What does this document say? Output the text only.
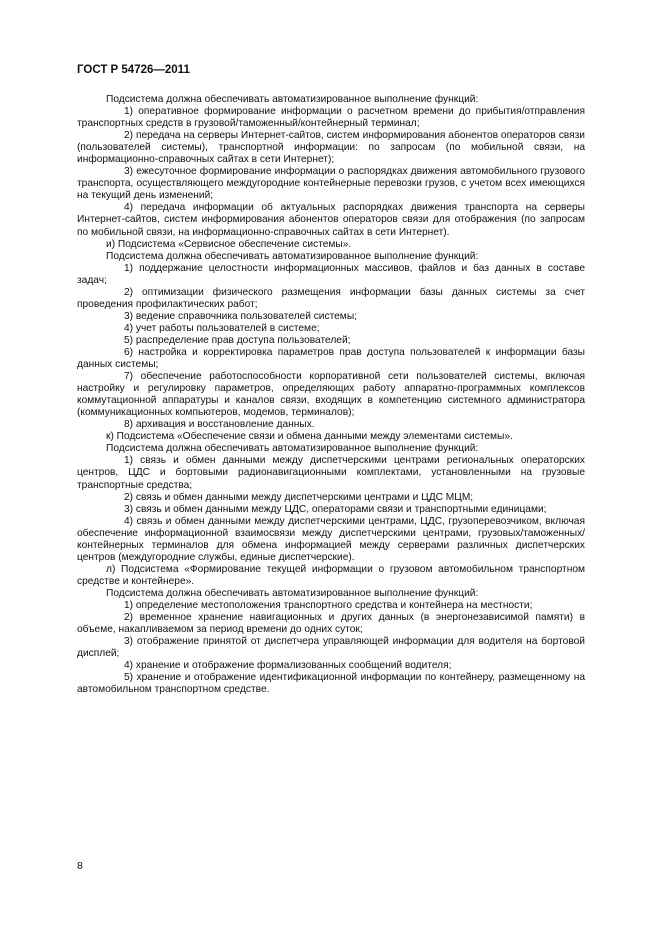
ГОСТ Р 54726—2011

Подсистема должна обеспечивать автоматизированное выполнение функций:

1) оперативное формирование информации о расчетном времени до прибытия/отправления транспортных средств в грузовой/таможенный/контейнерный терминал;

2) передача на серверы Интернет-сайтов, систем информирования абонентов операторов связи (пользователей системы), транспортной информации: по запросам (по мобильной связи, на информационно-справочных сайтах в сети Интернет);

3) ежесуточное формирование информации о распорядках движения автомобильного грузового транспорта, осуществляющего междугородние контейнерные перевозки грузов, с учетом всех имеющихся на текущий день изменений;

4) передача информации об актуальных распорядках движения транспорта на серверы Интернет-сайтов, систем информирования абонентов операторов связи для отображения (по запросам по мобильной связи, на информационно-справочных сайтах в сети Интернет).

и) Подсистема «Сервисное обеспечение системы».

Подсистема должна обеспечивать автоматизированное выполнение функций:

1) поддержание целостности информационных массивов, файлов и баз данных в составе задач;

2) оптимизации физического размещения информации базы данных системы за счет проведения профилактических работ;

3) ведение справочника пользователей системы;

4) учет работы пользователей в системе;

5) распределение прав доступа пользователей;

6) настройка и корректировка параметров прав доступа пользователей к информации базы данных системы;

7) обеспечение работоспособности корпоративной сети пользователей системы, включая настройку и регулировку параметров, определяющих работу аппаратно-программных комплексов коммутационной аппаратуры и каналов связи, входящих в компетенцию системного администратора (коммуникационных компьютеров, модемов, терминалов);

8) архивация и восстановление данных.

к) Подсистема «Обеспечение связи и обмена данными между элементами системы».

Подсистема должна обеспечивать автоматизированное выполнение функций:

1) связь и обмен данными между диспетчерскими центрами региональных операторских центров, ЦДС и бортовыми радионавигационными комплектами, установленными на грузовые транспортные средства;

2) связь и обмен данными между диспетчерскими центрами и ЦДС МЦМ;

3) связь и обмен данными между ЦДС, операторами связи и транспортными единицами;

4) связь и обмен данными между диспетчерскими центрами, ЦДС, грузоперевозчиком, включая обеспечение информационной взаимосвязи между диспетчерскими центрами, грузовых/таможенных/контейнерных терминалов для обмена информацией между серверами различных диспетчерских центров (междугородние службы, единые диспетчерские).

л) Подсистема «Формирование текущей информации о грузовом автомобильном транспортном средстве и контейнере».

Подсистема должна обеспечивать автоматизированное выполнение функций:

1) определение местоположения транспортного средства и контейнера на местности;

2) временное хранение навигационных и других данных (в энергонезависимой памяти) в объеме, накапливаемом за период времени до одних суток;

3) отображение принятой от диспетчера управляющей информации для водителя на бортовой дисплей;

4) хранение и отображение формализованных сообщений водителя;

5) хранение и отображение идентификационной информации по контейнеру, размещенному на автомобильном транспортном средстве.

8
